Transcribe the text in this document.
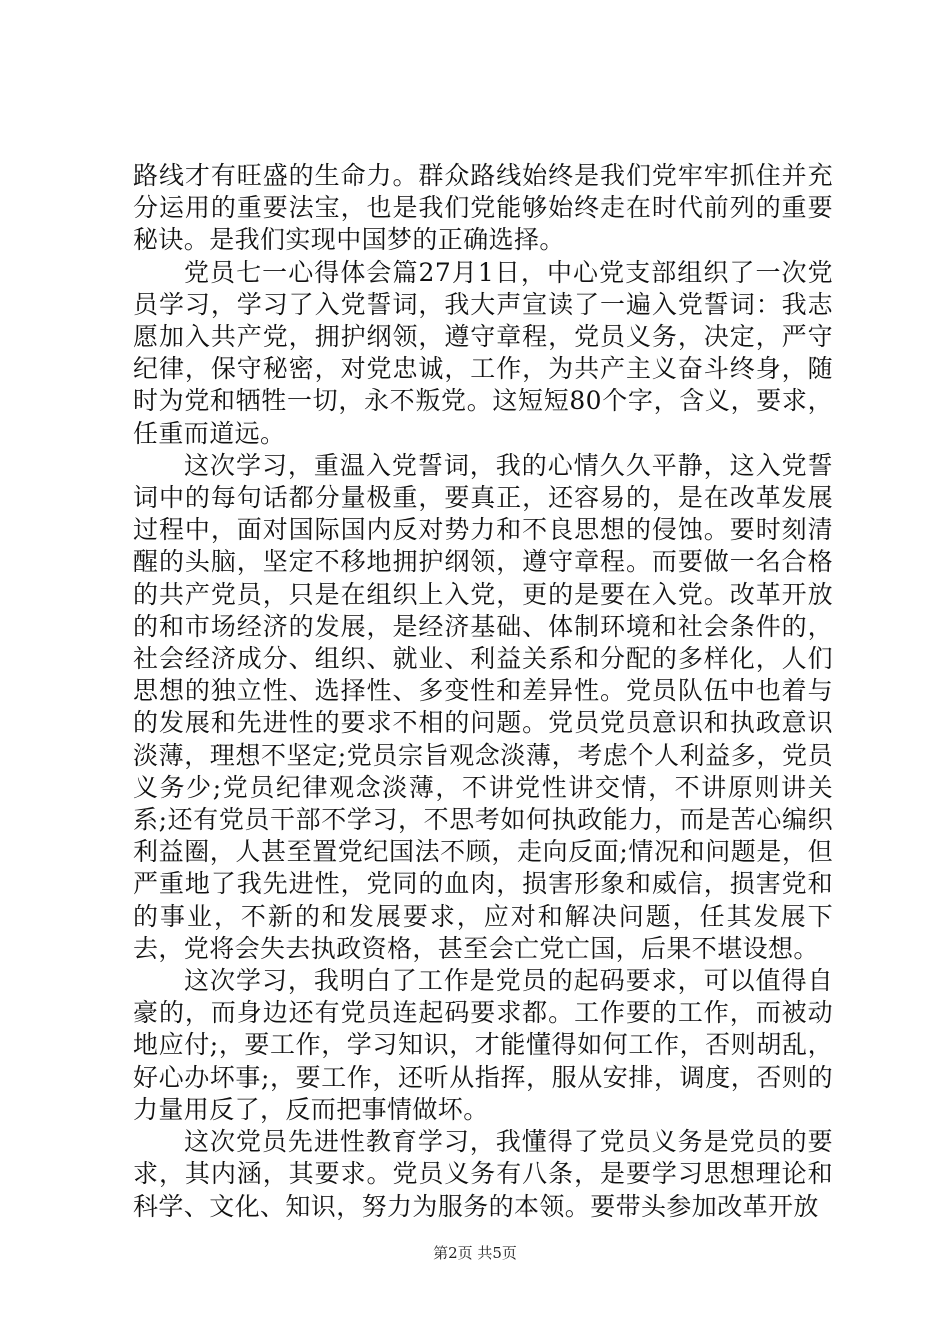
路线才有旺盛的生命力。群众路线始终是我们党牢牢抓住并充分运用的重要法宝，也是我们党能够始终走在时代前列的重要秘诀。是我们实现中国梦的正确选择。

党员七一心得体会篇27月1日，中心党支部组织了一次党员学习，学习了入党誓词，我大声宣读了一遍入党誓词：我志愿加入共产党，拥护纲领，遵守章程，党员义务，决定，严守纪律，保守秘密，对党忠诚，工作，为共产主义奋斗终身，随时为党和牺牲一切，永不叛党。这短短80个字，含义，要求，任重而道远。

这次学习，重温入党誓词，我的心情久久平静，这入党誓词中的每句话都分量极重，要真正，还容易的，是在改革发展过程中，面对国际国内反对势力和不良思想的侵蚀。要时刻清醒的头脑，坚定不移地拥护纲领，遵守章程。而要做一名合格的共产党员，只是在组织上入党，更的是要在入党。改革开放的和市场经济的发展，是经济基础、体制环境和社会条件的，社会经济成分、组织、就业、利益关系和分配的多样化，人们思想的独立性、选择性、多变性和差异性。党员队伍中也着与的发展和先进性的要求不相的问题。党员党员意识和执政意识淡薄，理想不坚定;党员宗旨观念淡薄，考虑个人利益多，党员义务少;党员纪律观念淡薄，不讲党性讲交情，不讲原则讲关系;还有党员干部不学习，不思考如何执政能力，而是苦心编织利益圈，人甚至置党纪国法不顾，走向反面;情况和问题是，但严重地了我先进性，党同的血肉，损害形象和威信，损害党和的事业，不新的和发展要求，应对和解决问题，任其发展下去，党将会失去执政资格，甚至会亡党亡国，后果不堪设想。

这次学习，我明白了工作是党员的起码要求，可以值得自豪的，而身边还有党员连起码要求都。工作要的工作，而被动地应付;，要工作，学习知识，才能懂得如何工作，否则胡乱，好心办坏事;，要工作，还听从指挥，服从安排，调度，否则的力量用反了，反而把事情做坏。

这次党员先进性教育学习，我懂得了党员义务是党员的要求，其内涵，其要求。党员义务有八条，是要学习思想理论和科学、文化、知识，努力为服务的本领。要带头参加改革开放

第2页 共5页
